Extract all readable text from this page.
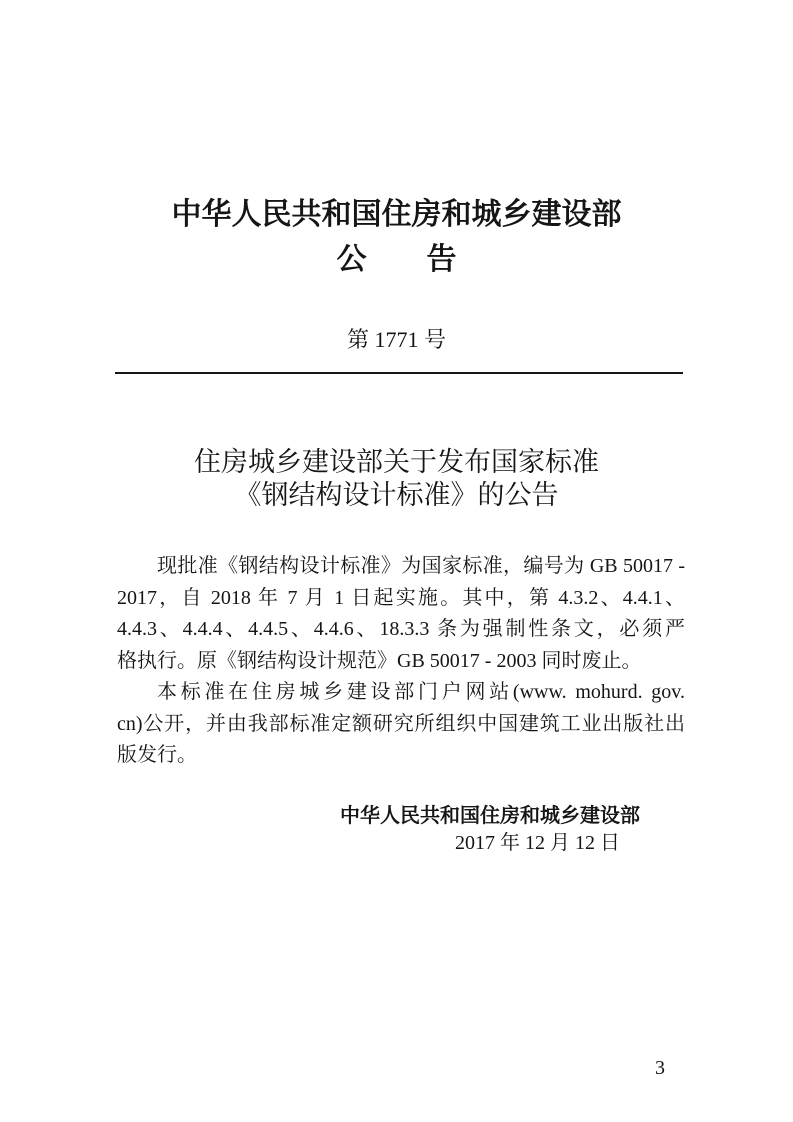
中华人民共和国住房和城乡建设部
公　　告
第 1771 号
住房城乡建设部关于发布国家标准
《钢结构设计标准》的公告
现批准《钢结构设计标准》为国家标准，编号为 GB 50017 -
2017，自 2018 年 7 月 1 日起实施。其中，第 4.3.2、4.4.1、
4.4.3、4.4.4、4.4.5、4.4.6、18.3.3 条为强制性条文，必须严
格执行。原《钢结构设计规范》GB 50017 - 2003 同时废止。
本标准在住房城乡建设部门户网站(www. mohurd. gov.
cn)公开，并由我部标准定额研究所组织中国建筑工业出版社出
版发行。
中华人民共和国住房和城乡建设部
2017 年 12 月 12 日
3
